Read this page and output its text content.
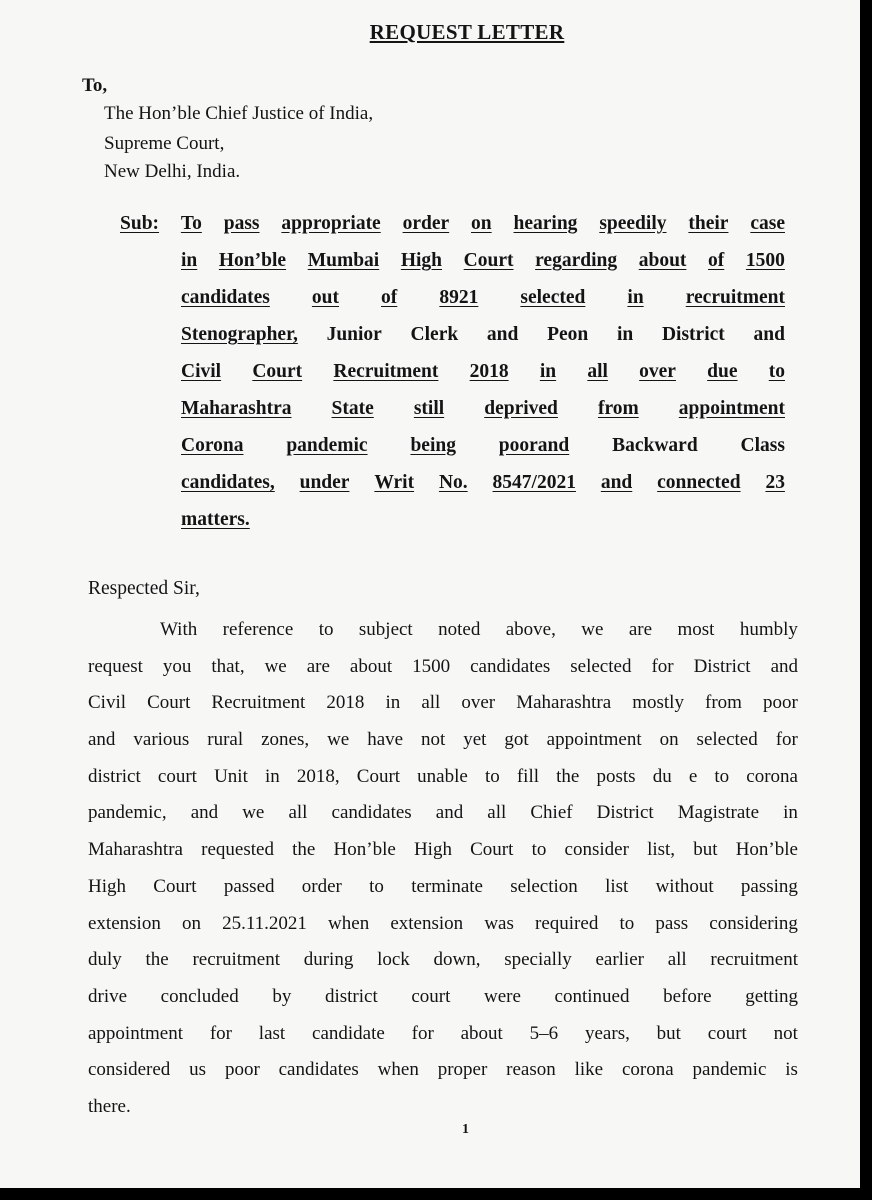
REQUEST LETTER
To,
The Hon’ble Chief Justice of India,
Supreme Court,
New Delhi, India.
Sub: To pass appropriate order on hearing speedily their case
in Hon’ble Mumbai High Court regarding about of 1500
candidates out of 8921 selected in recruitment
Stenographer, Junior Clerk and Peon in District and
Civil Court Recruitment 2018 in all over due to
Maharashtra State still deprived from appointment
Corona pandemic being poorand Backward Class
candidates, under Writ No. 8547/2021 and connected 23
matters.
Respected Sir,
With reference to subject noted above, we are most humbly
request you that, we are about 1500 candidates selected for District and
Civil Court Recruitment 2018 in all over Maharashtra mostly from poor
and various rural zones, we have not yet got appointment on selected for
district court Unit in 2018, Court unable to fill the posts du e to corona
pandemic, and we all candidates and all Chief District Magistrate in
Maharashtra requested the Hon’ble High Court to consider list, but Hon’ble
High Court passed order to terminate selection list without passing
extension on 25.11.2021 when extension was required to pass considering
duly the recruitment during lock down, specially earlier all recruitment
drive concluded by district court were continued before getting
appointment for last candidate for about 5–6 years, but court not
considered us poor candidates when proper reason like corona pandemic is
there.
1
